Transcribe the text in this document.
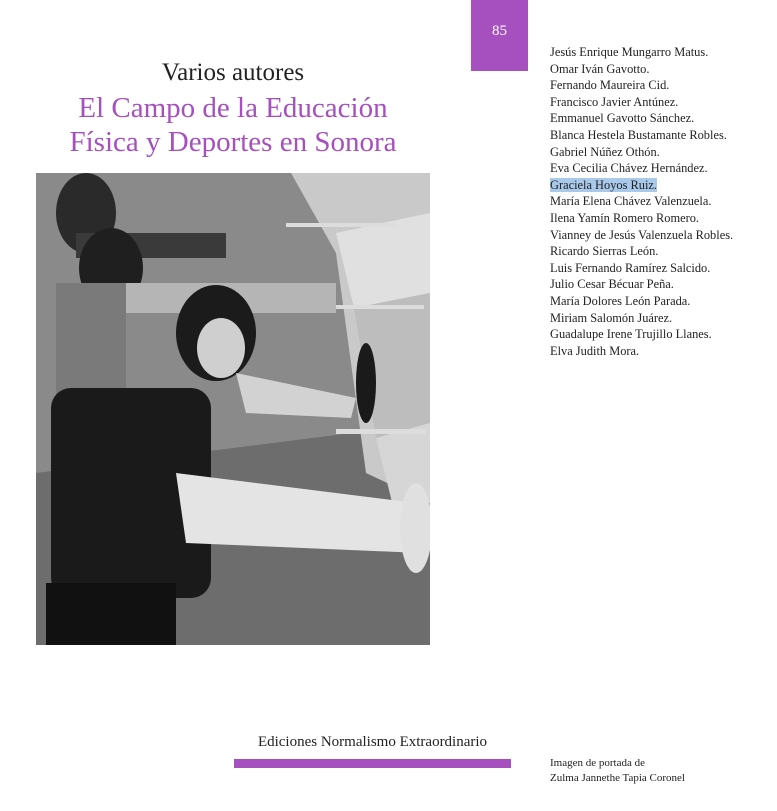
85
Varios autores
El Campo de la Educación
Física y Deportes en Sonora
Jesús Enrique Mungarro Matus.
Omar Iván Gavotto.
Fernando Maureira Cid.
Francisco Javier Antúnez.
Emmanuel Gavotto Sánchez.
Blanca Hestela Bustamante Robles.
Gabriel Núñez Othón.
Eva Cecilia Chávez Hernández.
Graciela Hoyos Ruiz.
María Elena Chávez Valenzuela.
Ilena Yamín Romero Romero.
Vianney de Jesús Valenzuela Robles.
Ricardo Sierras León.
Luis Fernando Ramírez Salcido.
Julio Cesar Bécuar Peña.
María Dolores León Parada.
Miriam Salomón Juárez.
Guadalupe Irene Trujillo Llanes.
Elva Judith Mora.
Ediciones Normalismo Extraordinario
Imagen de portada de
Zulma Jannethe Tapia Coronel
